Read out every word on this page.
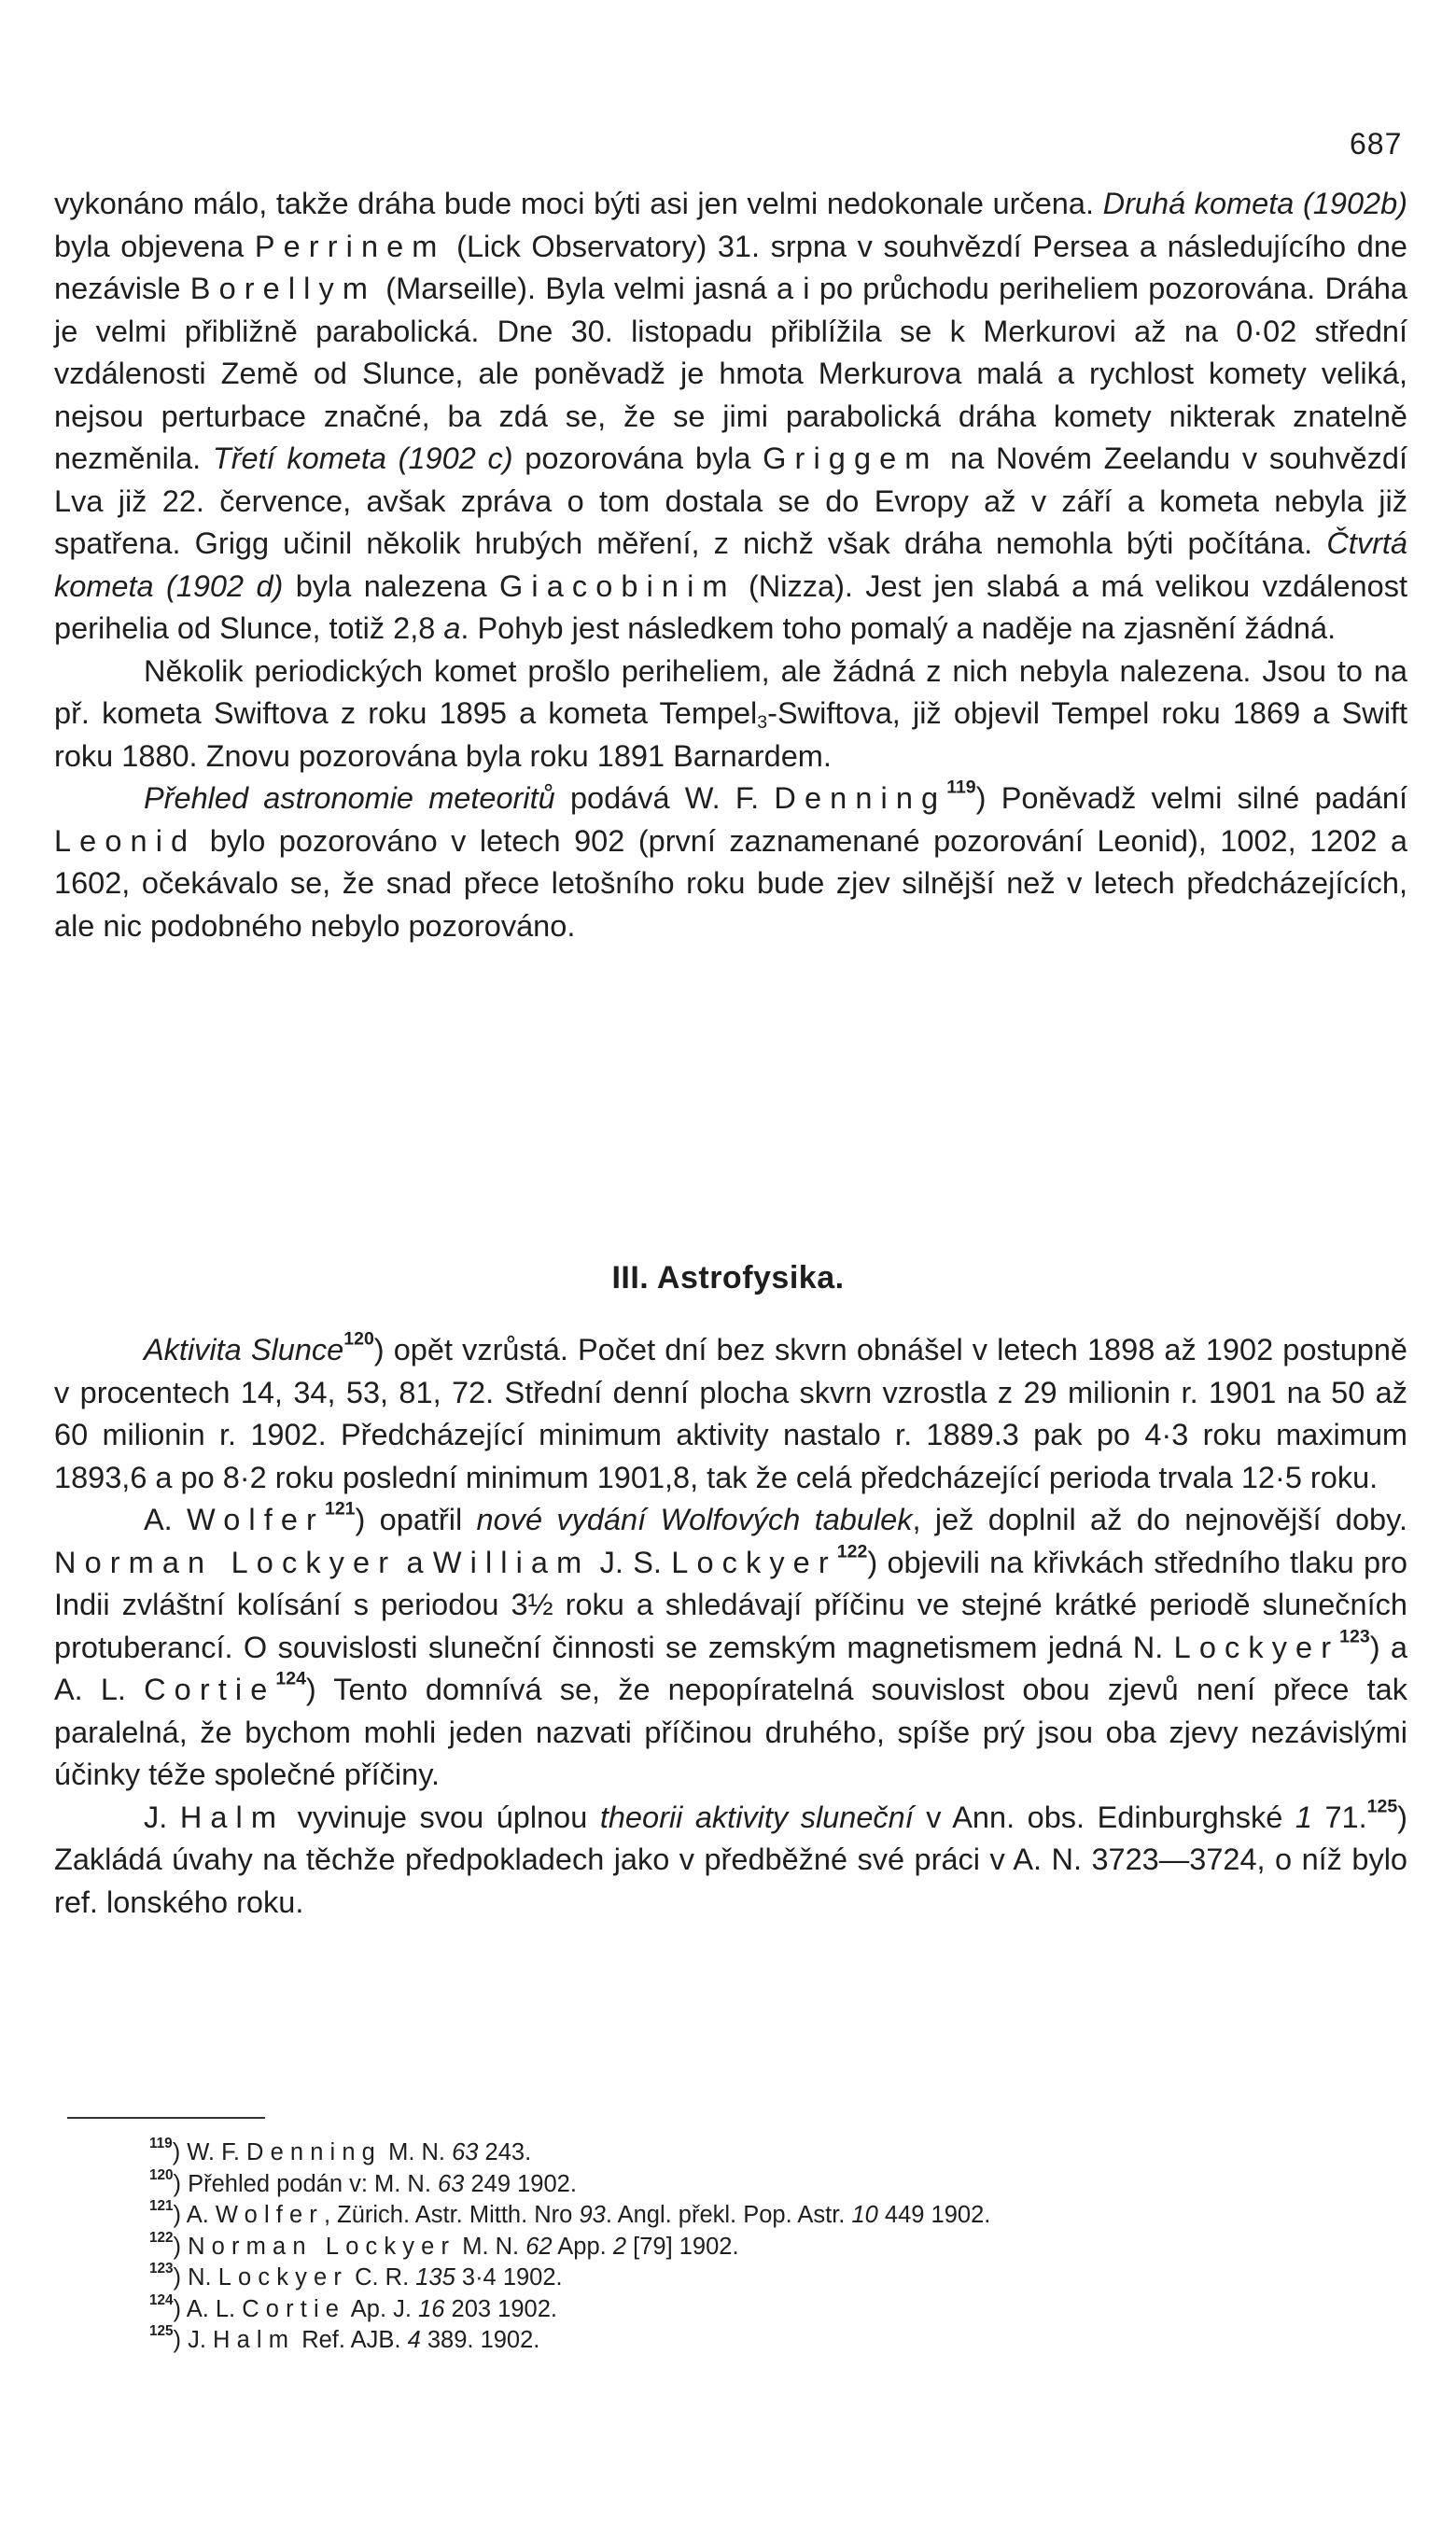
687

vykonáno málo, takže dráha bude moci býti asi jen velmi nedokonale určena. Druhá kometa (1902b) byla objevena Perrinem (Lick Observatory) 31. srpna v souhvězdí Persea a následujícího dne nezávisle Borellym (Marseille). Byla velmi jasná a i po průchodu periheliem pozorována. Dráha je velmi přibližně parabolická. Dne 30. listopadu přiblížila se k Merkurovi až na 0·02 střední vzdálenosti Země od Slunce, ale poněvadž je hmota Merkurova malá a rychlost komety veliká, nejsou perturbace značné, ba zdá se, že se jimi parabolická dráha komety nikterak znatelně nezměnila. Třetí kometa (1902 c) pozorována byla Griggem na Novém Zeelandu v souhvězdí Lva již 22. července, avšak zpráva o tom dostala se do Evropy až v září a kometa nebyla již spatřena. Grigg učinil několik hrubých měření, z nichž však dráha nemohla býti počítána. Čtvrtá kometa (1902 d) byla nalezena Giacobinim (Nizza). Jest jen slabá a má velikou vzdálenost perihelia od Slunce, totiž 2,8 a. Pohyb jest následkem toho pomalý a naděje na zjasnění žádná.

Několik periodických komet prošlo periheliem, ale žádná z nich nebyla nalezena. Jsou to na př. kometa Swiftova z roku 1895 a kometa Tempel$_3$-Swiftova, již objevil Tempel roku 1869 a Swift roku 1880. Znovu pozorována byla roku 1891 Barnardem.

Přehled astronomie meteoritů podává W. F. Denning$^{119}$) Poněvadž velmi silné padání Leonid bylo pozorováno v letech 902 (první zaznamenané pozorování Leonid), 1002, 1202 a 1602, očekávalo se, že snad přece letošního roku bude zjev silnější než v letech předcházejících, ale nic podobného nebylo pozorováno.

III. Astrofysika.

Aktivita Slunce$^{120}$) opět vzrůstá. Počet dní bez skvrn obnášel v letech 1898 až 1902 postupně v procentech 14, 34, 53, 81, 72. Střední denní plocha skvrn vzrostla z 29 milionin r. 1901 na 50 až 60 milionin r. 1902. Předcházející minimum aktivity nastalo r. 1889.3 pak po 4·3 roku maximum 1893,6 a po 8·2 roku poslední minimum 1901,8, tak že celá předcházející perioda trvala 12·5 roku.

A. Wolfer$^{121}$) opatřil nové vydání Wolfových tabulek, jež doplnil až do nejnovější doby. Norman Lockyer a William J. S. Lockyer$^{122}$) objevili na křivkách středního tlaku pro Indii zvláštní kolísání s periodou 3½ roku a shledávají příčinu ve stejné krátké periodě slunečních protuberancí. O souvislosti sluneční činnosti se zemským magnetismem jedná N. Lockyer$^{123}$) a A. L. Cortie$^{124}$) Tento domnívá se, že nepopíratelná souvislost obou zjevů není přece tak paralelná, že bychom mohli jeden nazvati příčinou druhého, spíše prý jsou oba zjevy nezávislými účinky téže společné příčiny.

J. Halm vyvinuje svou úplnou theorii aktivity sluneční v Ann. obs. Edinburghské 1 71.$^{125}$) Zakládá úvahy na těchže předpokladech jako v předběžné své práci v A. N. 3723—3724, o níž bylo ref. lonského roku.

$^{119}$) W. F. Denning M. N. 63 243.

$^{120}$) Přehled podán v: M. N. 63 249 1902.

$^{121}$) A. Wolfer, Zürich. Astr. Mitth. Nro 93. Angl. překl. Pop. Astr. 10 449 1902.

$^{122}$) Norman Lockyer M. N. 62 App. 2 [79] 1902.

$^{123}$) N. Lockyer C. R. 135 3·4 1902.

$^{124}$) A. L. Cortie Ap. J. 16 203 1902.

$^{125}$) J. Halm Ref. AJB. 4 389. 1902.
